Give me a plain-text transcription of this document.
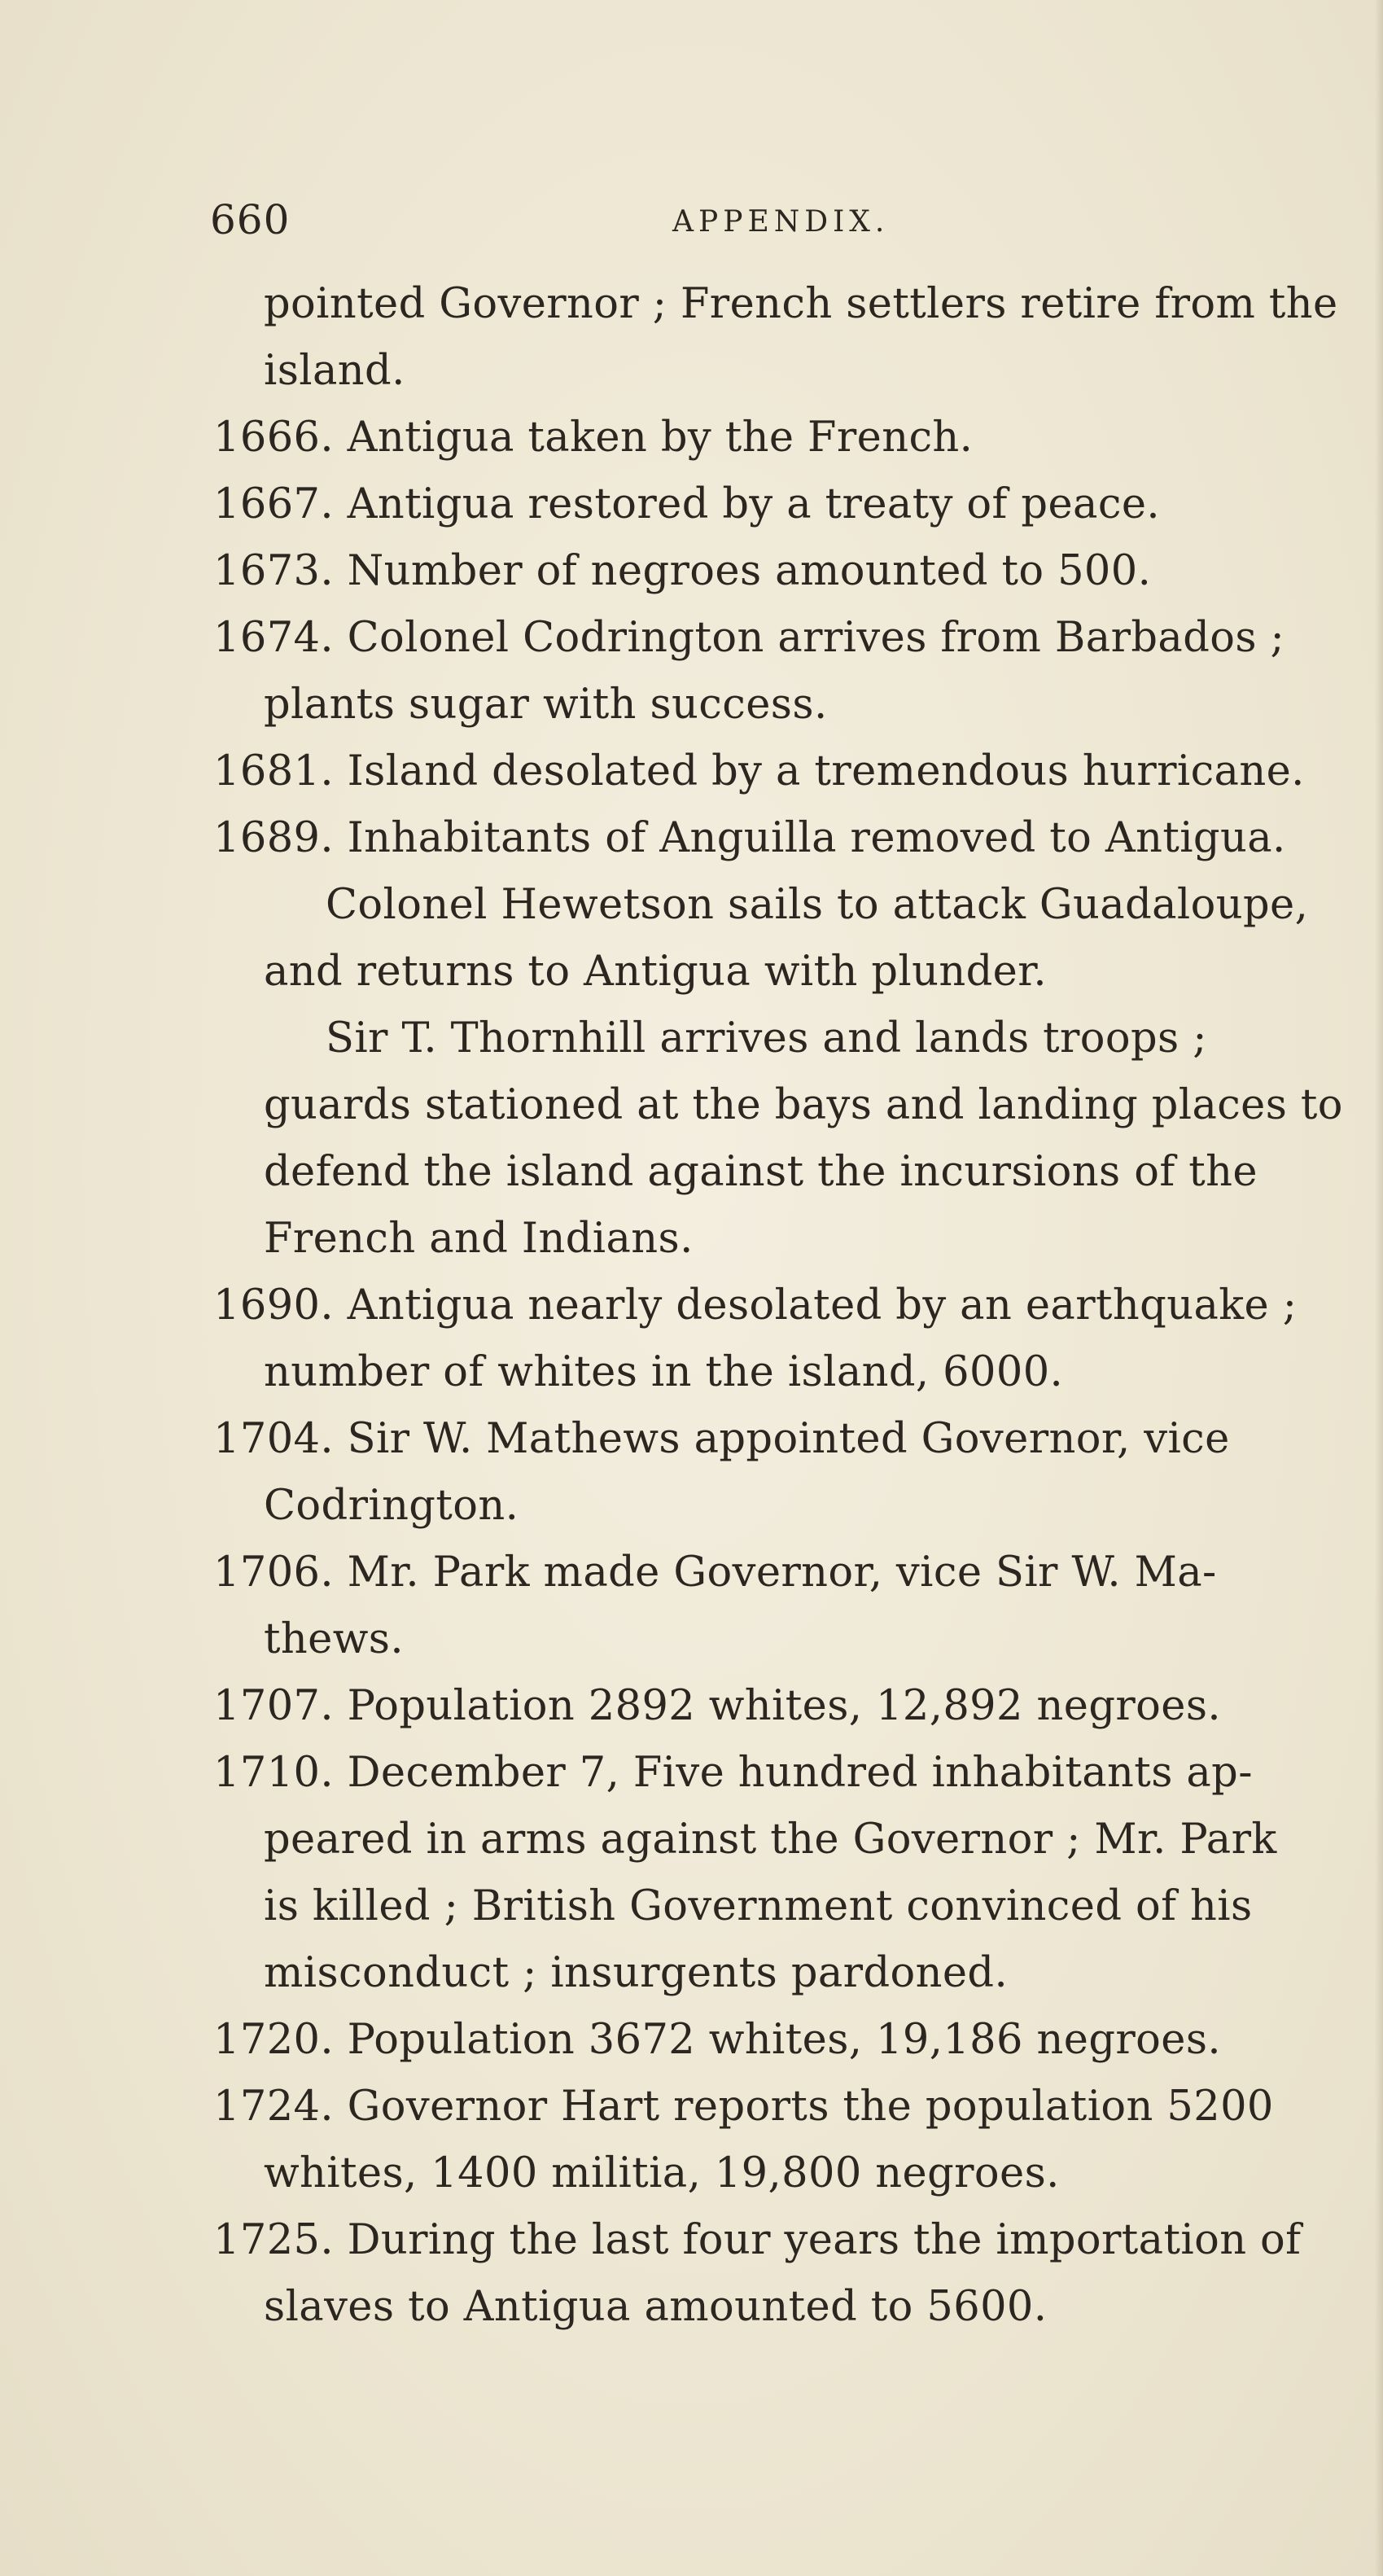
660	APPENDIX.
pointed Governor ; French settlers retire from the
island.
1666. Antigua taken by the French.
1667. Antigua restored by a treaty of peace.
1673. Number of negroes amounted to 500.
1674. Colonel Codrington arrives from Barbados ;
plants sugar with success.
1681. Island desolated by a tremendous hurricane.
1689. Inhabitants of Anguilla removed to Antigua.
Colonel Hewetson sails to attack Guadaloupe,
and returns to Antigua with plunder.
Sir T. Thornhill arrives and lands troops ;
guards stationed at the bays and landing places to
defend the island against the incursions of the
French and Indians.
1690. Antigua nearly desolated by an earthquake ;
number of whites in the island, 6000.
1704. Sir W. Mathews appointed Governor, vice
Codrington.
1706. Mr. Park made Governor, vice Sir W. Ma-
thews.
1707. Population 2892 whites, 12,892 negroes.
1710. December 7, Five hundred inhabitants ap-
peared in arms against the Governor ; Mr. Park
is killed ; British Government convinced of his
misconduct ; insurgents pardoned.
1720. Population 3672 whites, 19,186 negroes.
1724. Governor Hart reports the population 5200
whites, 1400 militia, 19,800 negroes.
1725. During the last four years the importation of
slaves to Antigua amounted to 5600.
